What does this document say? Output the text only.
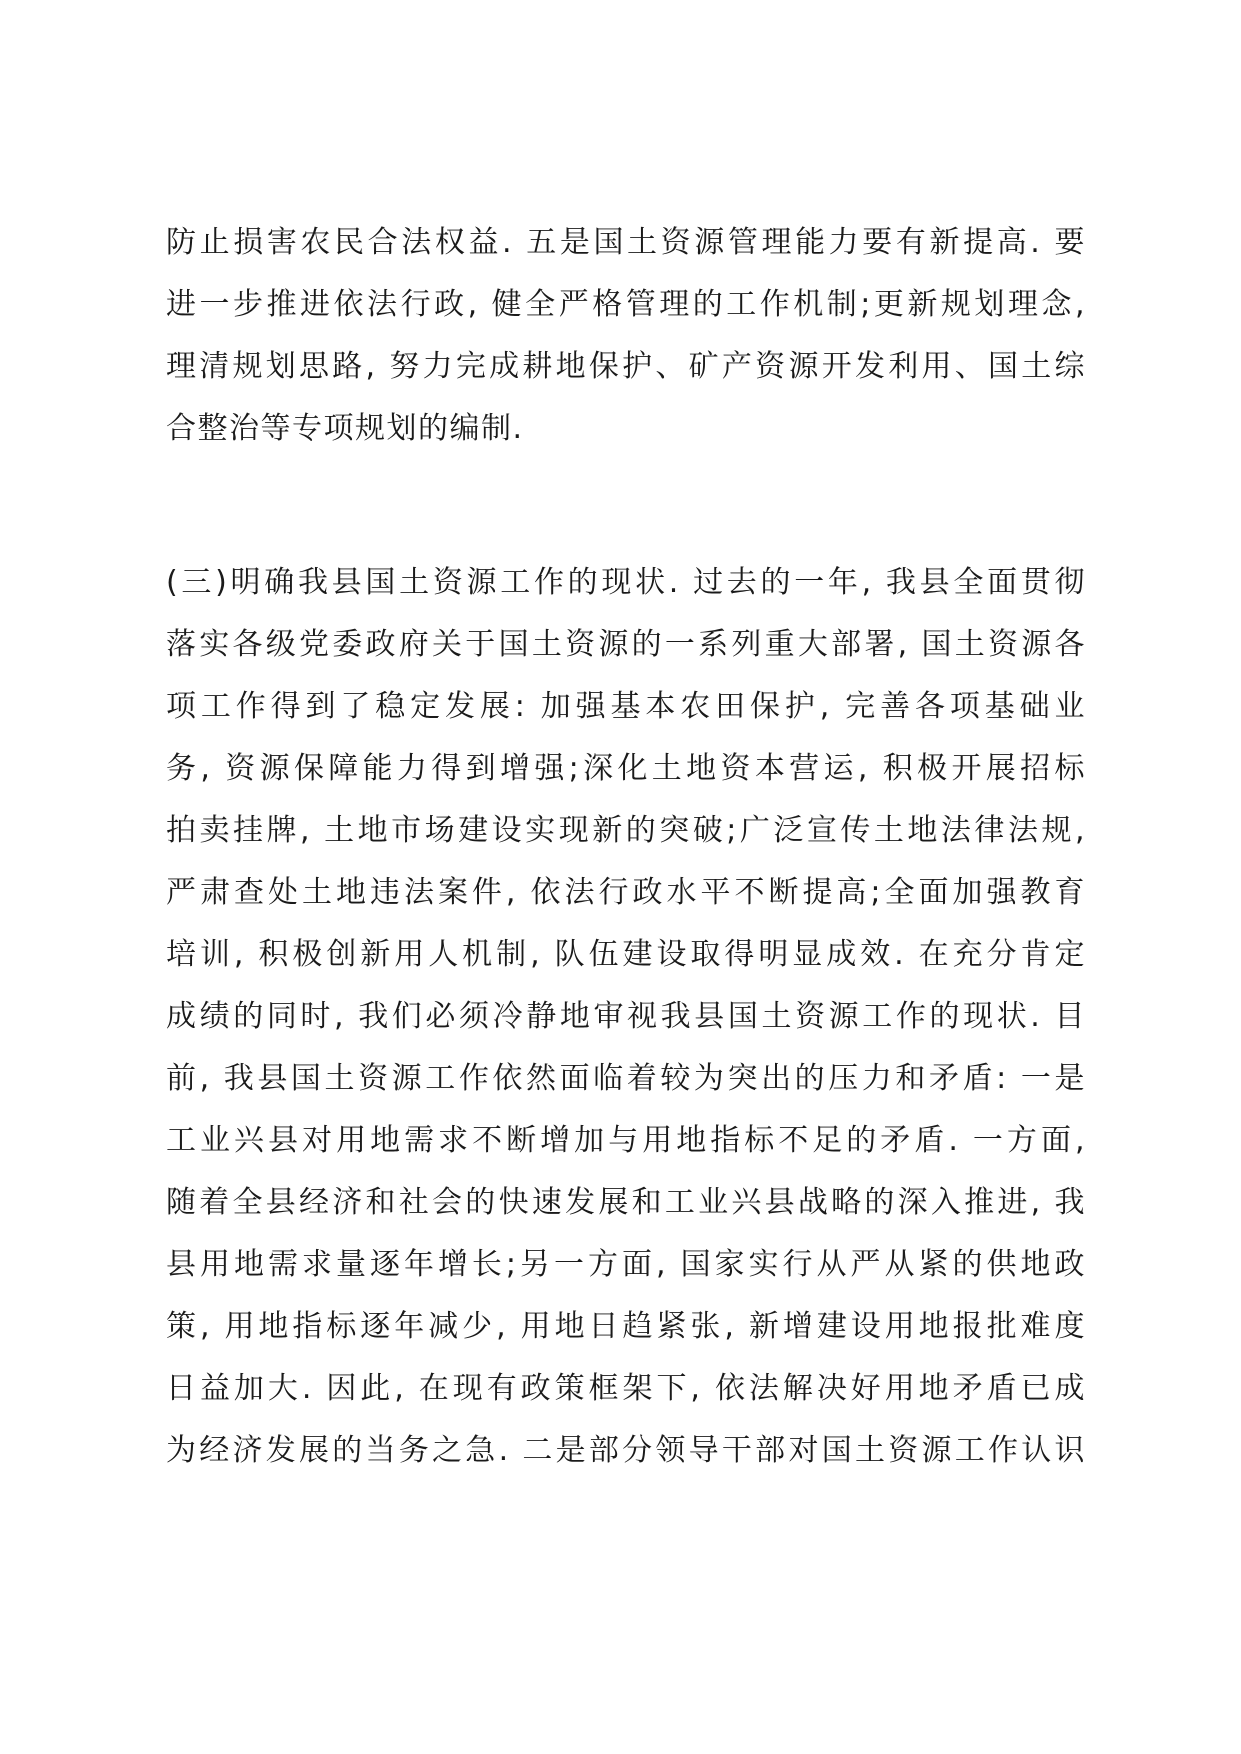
防止损害农民合法权益. 五是国土资源管理能力要有新提高. 要
进一步推进依法行政, 健全严格管理的工作机制;更新规划理念,
理清规划思路, 努力完成耕地保护、矿产资源开发利用、国土综
合整治等专项规划的编制.
(三)明确我县国土资源工作的现状. 过去的一年, 我县全面贯彻
落实各级党委政府关于国土资源的一系列重大部署, 国土资源各
项工作得到了稳定发展: 加强基本农田保护, 完善各项基础业
务, 资源保障能力得到增强;深化土地资本营运, 积极开展招标
拍卖挂牌, 土地市场建设实现新的突破;广泛宣传土地法律法规,
严肃查处土地违法案件, 依法行政水平不断提高;全面加强教育
培训, 积极创新用人机制, 队伍建设取得明显成效. 在充分肯定
成绩的同时, 我们必须冷静地审视我县国土资源工作的现状. 目
前, 我县国土资源工作依然面临着较为突出的压力和矛盾: 一是
工业兴县对用地需求不断增加与用地指标不足的矛盾. 一方面,
随着全县经济和社会的快速发展和工业兴县战略的深入推进, 我
县用地需求量逐年增长;另一方面, 国家实行从严从紧的供地政
策, 用地指标逐年减少, 用地日趋紧张, 新增建设用地报批难度
日益加大. 因此, 在现有政策框架下, 依法解决好用地矛盾已成
为经济发展的当务之急. 二是部分领导干部对国土资源工作认识
